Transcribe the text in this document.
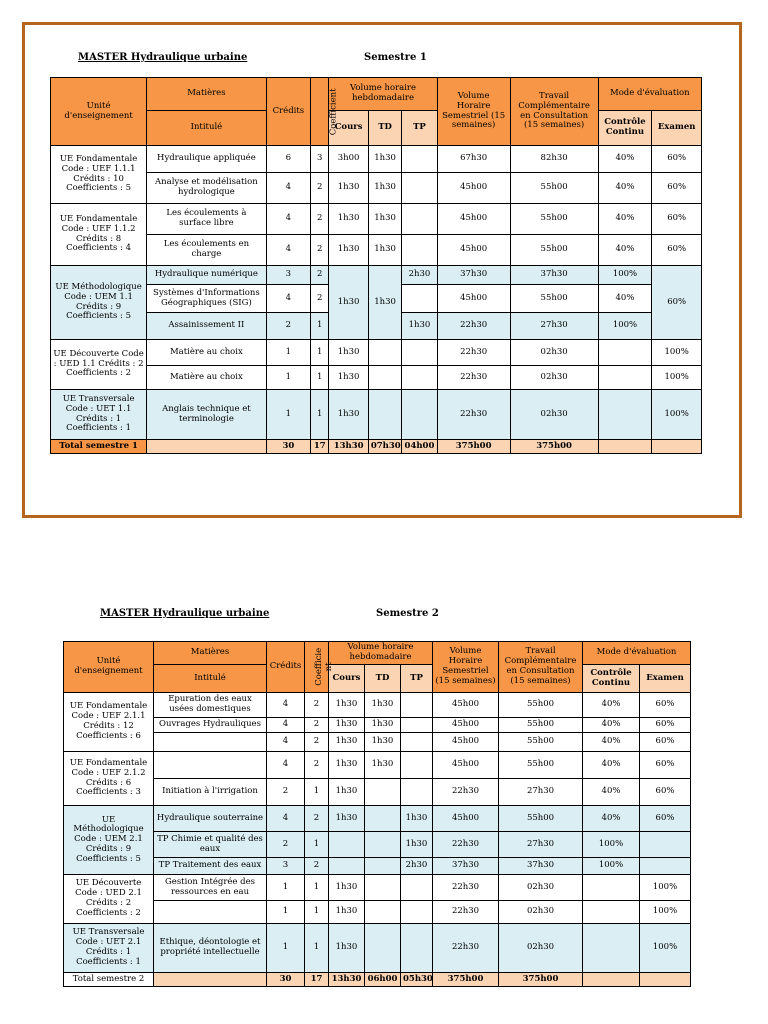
MASTER Hydraulique urbaine	Semestre 1
Unité d'enseignement	Matières	Crédits	Coefficient	Volume horaire hebdomadaire			Volume Horaire Semestriel (15 semaines)	Travail Complémentaire en Consultation (15 semaines)	Mode d'évaluation	
	Intitulé			Cours	TD	TP			Contrôle Continu	Examen
UE Fondamentale Code : UEF 1.1.1 Crédits : 10 Coefficients : 5	Hydraulique appliquée	6	3	3h00	1h30		67h30	82h30	40%	60%
	Analyse et modélisation hydrologique	4	2	1h30	1h30		45h00	55h00	40%	60%
UE Fondamentale Code : UEF 1.1.2 Crédits : 8 Coefficients : 4	Les écoulements à surface libre	4	2	1h30	1h30		45h00	55h00	40%	60%
	Les écoulements en charge	4	2	1h30	1h30		45h00	55h00	40%	60%
UE Méthodologique Code : UEM 1.1 Crédits : 9 Coefficients : 5	Hydraulique numérique	3	2	1h30	1h30	2h30	37h30	37h30	100%	60%
	Systèmes d'Informations Géographiques (SIG)	4	2				45h00	55h00	40%	
	Assainissement II	2	1			1h30	22h30	27h30	100%	
UE Découverte Code : UED 1.1 Crédits : 2 Coefficients : 2	Matière au choix	1	1	1h30			22h30	02h30		100%
	Matière au choix	1	1	1h30			22h30	02h30		100%
UE Transversale Code : UET 1.1 Crédits : 1 Coefficients : 1	Anglais technique et terminologie	1	1	1h30			22h30	02h30		100%
Total semestre 1		30	17	13h30	07h30	04h00	375h00	375h00		
MASTER Hydraulique urbaine	Semestre 2
Unité d'enseignement	Matières	Crédits	Coefficie nt	Volume horaire hebdomadaire			Volume Horaire Semestriel (15 semaines)	Travail Complémentaire en Consultation (15 semaines)	Mode d'évaluation	
	Intitulé			Cours	TD	TP			Contrôle Continu	Examen
UE Fondamentale Code : UEF 2.1.1 Crédits : 12 Coefficients : 6	Epuration des eaux usées domestiques	4	2	1h30	1h30		45h00	55h00	40%	60%
	Ouvrages Hydrauliques	4	2	1h30	1h30		45h00	55h00	40%	60%
		4	2	1h30	1h30		45h00	55h00	40%	60%
UE Fondamentale Code : UEF 2.1.2 Crédits : 6 Coefficients : 3		4	2	1h30	1h30		45h00	55h00	40%	60%
	Initiation à l'irrigation	2	1	1h30			22h30	27h30	40%	60%
UE Méthodologique Code : UEM 2.1 Crédits : 9 Coefficients : 5	Hydraulique souterraine	4	2	1h30		1h30	45h00	55h00	40%	60%
	TP Chimie et qualité des eaux	2	1			1h30	22h30	27h30	100%	
	TP Traitement des eaux	3	2			2h30	37h30	37h30	100%	
UE Découverte Code : UED 2.1 Crédits : 2 Coefficients : 2	Gestion Intégrée des ressources en eau	1	1	1h30			22h30	02h30		100%
		1	1	1h30			22h30	02h30		100%
UE Transversale Code : UET 2.1 Crédits : 1 Coefficients : 1	Ethique, déontologie et propriété intellectuelle	1	1	1h30			22h30	02h30		100%
Total semestre 2		30	17	13h30	06h00	05h30	375h00	375h00		
